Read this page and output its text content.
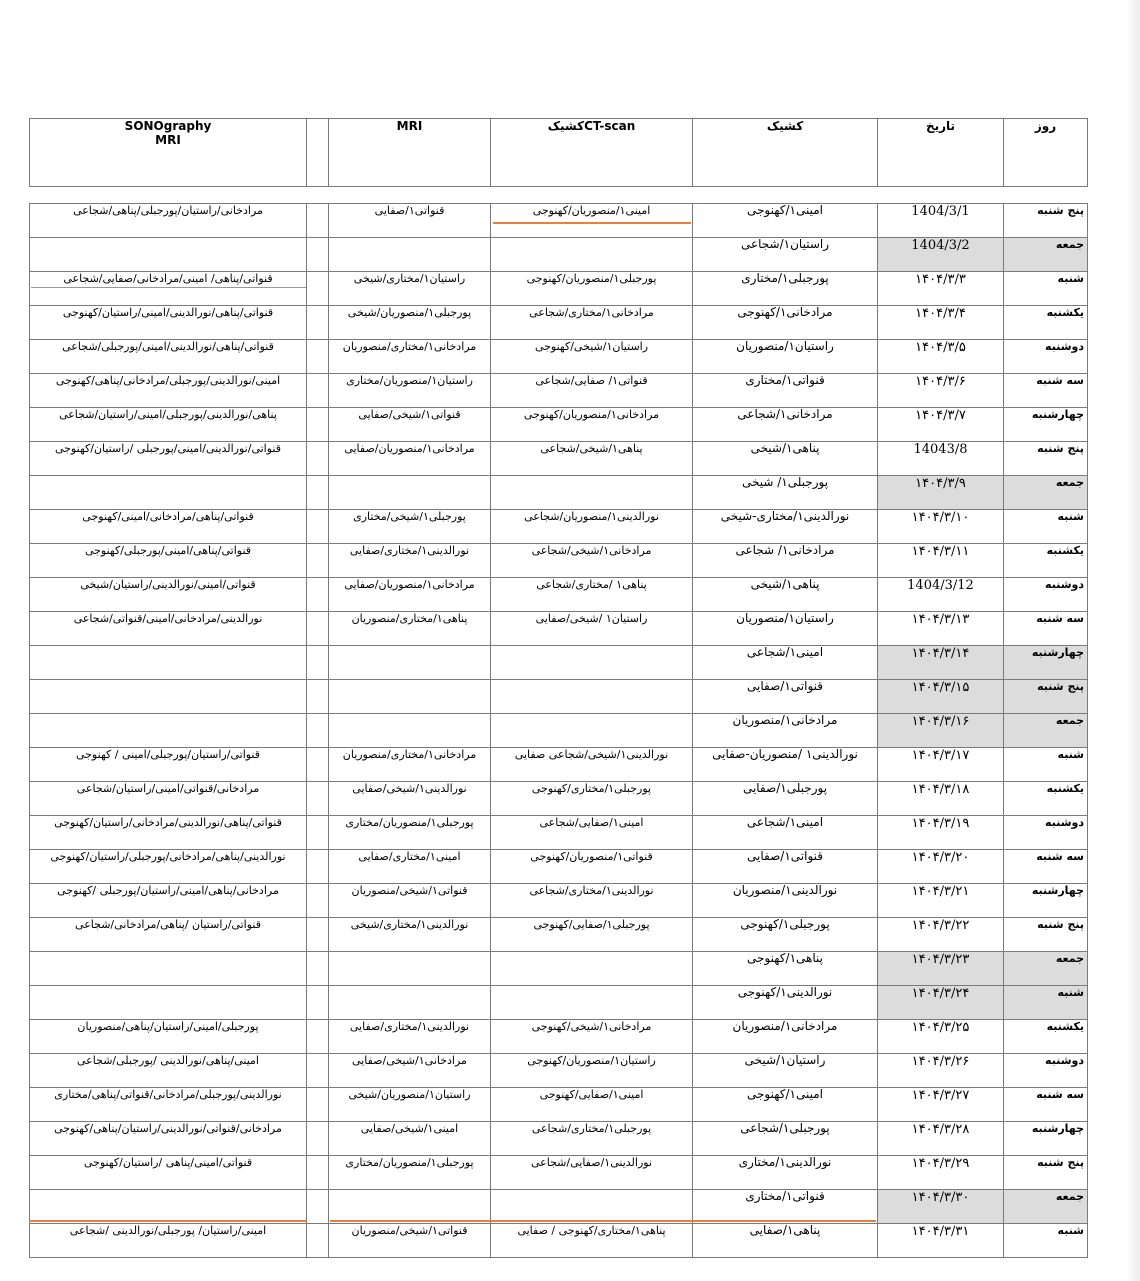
SONOgraphy
MRI		MRI	CT-scanکشیک	کشیک	تاریخ	روز

مرادخانی/راستیان/پورجبلی/پناهی/شجاعی		قنواتی۱/صفایی	امینی۱/منصوریان/کهنوجی	امینی۱/کهنوجی	1404/3/1	پنج شنبه
				راستیان۱/شجاعی	1404/3/2	جمعه
قنواتی/پناهی/ امینی/مرادخانی/صفایی/شجاعی		راستیان۱/مختاری/شیخی	پورجبلی۱/منصوریان/کهنوجی	پورجبلی۱/مختاری	۱۴۰۴/۳/۳	شنبه
قنواتی/پناهی/نورالدینی/امینی/راستیان/کهنوجی		پورجبلی۱/منصوریان/شیخی	مرادخانی۱/مختاری/شجاعی	مرادخانی۱/کهنوجی	۱۴۰۴/۳/۴	یکشنبه
قنواتی/پناهی/نورالدینی/امینی/پورجبلی/شجاعی		مرادخانی۱/مختاری/منصوریان	راستیان۱/شیخی/کهنوجی	راستیان۱/منصوریان	۱۴۰۴/۳/۵	دوشنبه
امینی/نورالدینی/پورجبلی/مرادخانی/پناهی/کهنوجی		راستیان۱/منصوریان/مختاری	قنواتی۱/ صفایی/شجاعی	قنواتی۱/مختاری	۱۴۰۴/۳/۶	سه شنبه
پناهی/نورالدینی/پورجبلی/امینی/راستیان/شجاعی		قنواتی۱/شیخی/صفایی	مرادخانی۱/منصوریان/کهنوجی	مرادخانی۱/شجاعی	۱۴۰۴/۳/۷	چهارشنبه
قنواتی/نورالدینی/امینی/پورجبلی /راستیان/کهنوجی		مرادخانی۱/منصوریان/صفایی	پناهی۱/شیخی/شجاعی	پناهی۱/شیخی	14043/8	پنج شنبه
				پورجبلی۱/ شیخی	۱۴۰۴/۳/۹	جمعه
قنواتی/پناهی/مرادخانی/امینی/کهنوجی		پورجبلی۱/شیخی/مختاری	نورالدینی۱/منصوریان/شجاعی	نورالدینی۱/مختاری-شیخی	۱۴۰۴/۳/۱۰	شنبه
قنواتی/پناهی/امینی/پورجبلی/کهنوجی		نورالدینی۱/مختاری/صفایی	مرادخانی۱/شیخی/شجاعی	مرادخانی۱/ شجاعی	۱۴۰۴/۳/۱۱	یکشنبه
قنواتی/امینی/نورالدینی/راستیان/شیخی		مرادخانی۱/منصوریان/صفایی	پناهی۱ /مختاری/شجاعی	پناهی۱/شیخی	1404/3/12	دوشنبه
نورالدینی/مرادخانی/امینی/قنواتی/شجاعی		پناهی۱/مختاری/منصوریان	راستیان۱ /شیخی/صفایی	راستیان۱/منصوریان	۱۴۰۴/۳/۱۳	سه شنبه
				امینی۱/شجاعی	۱۴۰۴/۳/۱۴	چهارشنبه
				قنواتی۱/صفایی	۱۴۰۴/۳/۱۵	پنج شنبه
				مرادخانی۱/منصوریان	۱۴۰۴/۳/۱۶	جمعه
قنواتی/راستیان/پورجبلی/امینی / کهنوجی		مرادخانی۱/مختاری/منصوریان	نورالدینی۱/شیخی/شجاعی صفایی	نورالدینی۱ /منصوریان-صفایی	۱۴۰۴/۳/۱۷	شنبه
مرادخانی/قنواتی/امینی/راستیان/شجاعی		نورالدینی۱/شیخی/صفایی	پورجبلی۱/مختاری/کهنوجی	پورجبلی۱/صفایی	۱۴۰۴/۳/۱۸	یکشنبه
قنواتی/پناهی/نورالدینی/مرادخانی/راستیان/کهنوجی		پورجبلی۱/منصوریان/مختاری	امینی۱/صفایی/شجاعی	امینی۱/شجاعی	۱۴۰۴/۳/۱۹	دوشنبه
نورالدینی/پناهی/مرادخانی/پورجبلی/راستیان/کهنوجی		امینی۱/مختاری/صفایی	قنواتی۱/منصوریان/کهنوجی	قنواتی۱/صفایی	۱۴۰۴/۳/۲۰	سه شنبه
مرادخانی/پناهی/امینی/راستیان/پورجبلی /کهنوجی		قنواتی۱/شیخی/منصوریان	نورالدینی۱/مختاری/شجاعی	نورالدینی۱/منصوریان	۱۴۰۴/۳/۲۱	چهارشنبه
قنواتی/راستیان /پناهی/مرادخانی/شجاعی		نورالدینی۱/مختاری/شیخی	پورجبلی۱/صفایی/کهنوجی	پورجبلی۱/کهنوجی	۱۴۰۴/۳/۲۲	پنج شنبه
				پناهی۱/کهنوجی	۱۴۰۴/۳/۲۳	جمعه
				نورالدینی۱/کهنوجی	۱۴۰۴/۳/۲۴	شنبه
پورجبلی/امینی/راستیان/پناهی/منصوریان		نورالدینی۱/مختاری/صفایی	مرادخانی۱/شیخی/کهنوجی	مرادخانی۱/منصوریان	۱۴۰۴/۳/۲۵	یکشنبه
امینی/پناهی/نورالدینی /پورجبلی/شجاعی		مرادخانی۱/شیخی/صفایی	راستیان۱/منصوریان/کهنوجی	راستیان۱/شیخی	۱۴۰۴/۳/۲۶	دوشنبه
نورالدینی/پورجبلی/مرادخانی/قنواتی/پناهی/مختاری		راستیان۱/منصوریان/شیخی	امینی۱/صفایی/کهنوجی	امینی۱/کهنوجی	۱۴۰۴/۳/۲۷	سه شنبه
مرادخانی/قنواتی/نورالدینی/راستیان/پناهی/کهنوجی		امینی۱/شیخی/صفایی	پورجبلی۱/مختاری/شجاعی	پورجبلی۱/شجاعی	۱۴۰۴/۳/۲۸	چهارشنبه
قنواتی/امینی/پناهی /راستیان/کهنوجی		پورجبلی۱/منصوریان/مختاری	نورالدینی۱/صفایی/شجاعی	نورالدینی۱/مختاری	۱۴۰۴/۳/۲۹	پنج شنبه
				قنواتی۱/مختاری	۱۴۰۴/۳/۳۰	جمعه
امینی/راستیان/ پورجبلی/نورالدینی /شجاعی		قنواتی۱/شیخی/منصوریان	پناهی۱/مختاری/کهنوجی / صفایی	پناهی۱/صفایی	۱۴۰۴/۳/۳۱	شنبه
